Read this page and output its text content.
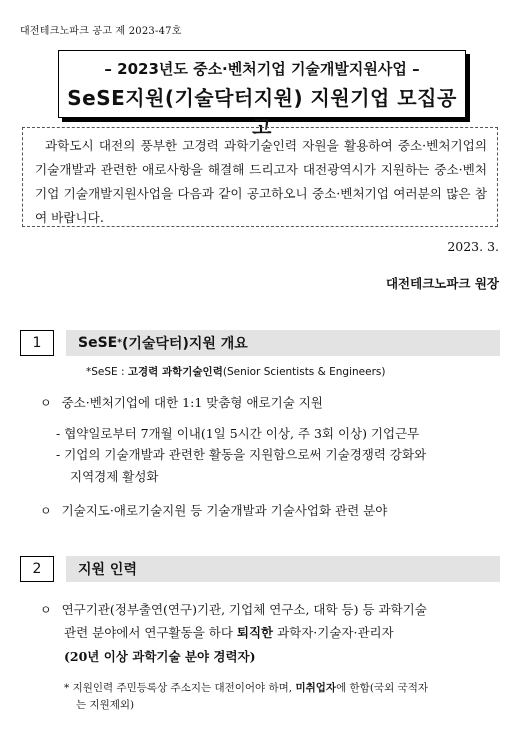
대전테크노파크 공고 제 2023-47호
– 2023년도 중소·벤처기업 기술개발지원사업 –
SeSE지원(기술닥터지원) 지원기업 모집공고
과학도시 대전의 풍부한 고경력 과학기술인력 자원을 활용하여 중소·벤처기업의 기술개발과 관련한 애로사항을 해결해 드리고자 대전광역시가 지원하는 중소·벤처기업 기술개발지원사업을 다음과 같이 공고하오니 중소·벤처기업 여러분의 많은 참여 바랍니다.
2023. 3.
대전테크노파크 원장
1	SeSE * (기술닥터)지원 개요
*SeSE : 고경력 과학기술인력(Senior Scientists & Engineers)
ㅇ 중소·벤처기업에 대한 1:1 맞춤형 애로기술 지원
- 협약일로부터 7개월 이내(1일 5시간 이상, 주 3회 이상) 기업근무
- 기업의 기술개발과 관련한 활동을 지원함으로써 기술경쟁력 강화와
지역경제 활성화
ㅇ 기술지도·애로기술지원 등 기술개발과 기술사업화 관련 분야
2	지원 인력
ㅇ 연구기관(정부출연(연구)기관, 기업체 연구소, 대학 등) 등 과학기술
관련 분야에서 연구활동을 하다 퇴직한 과학자·기술자·관리자
(20년 이상 과학기술 분야 경력자)
* 지원인력 주민등록상 주소지는 대전이어야 하며, 미취업자에 한함(국외 국적자
는 지원제외)
